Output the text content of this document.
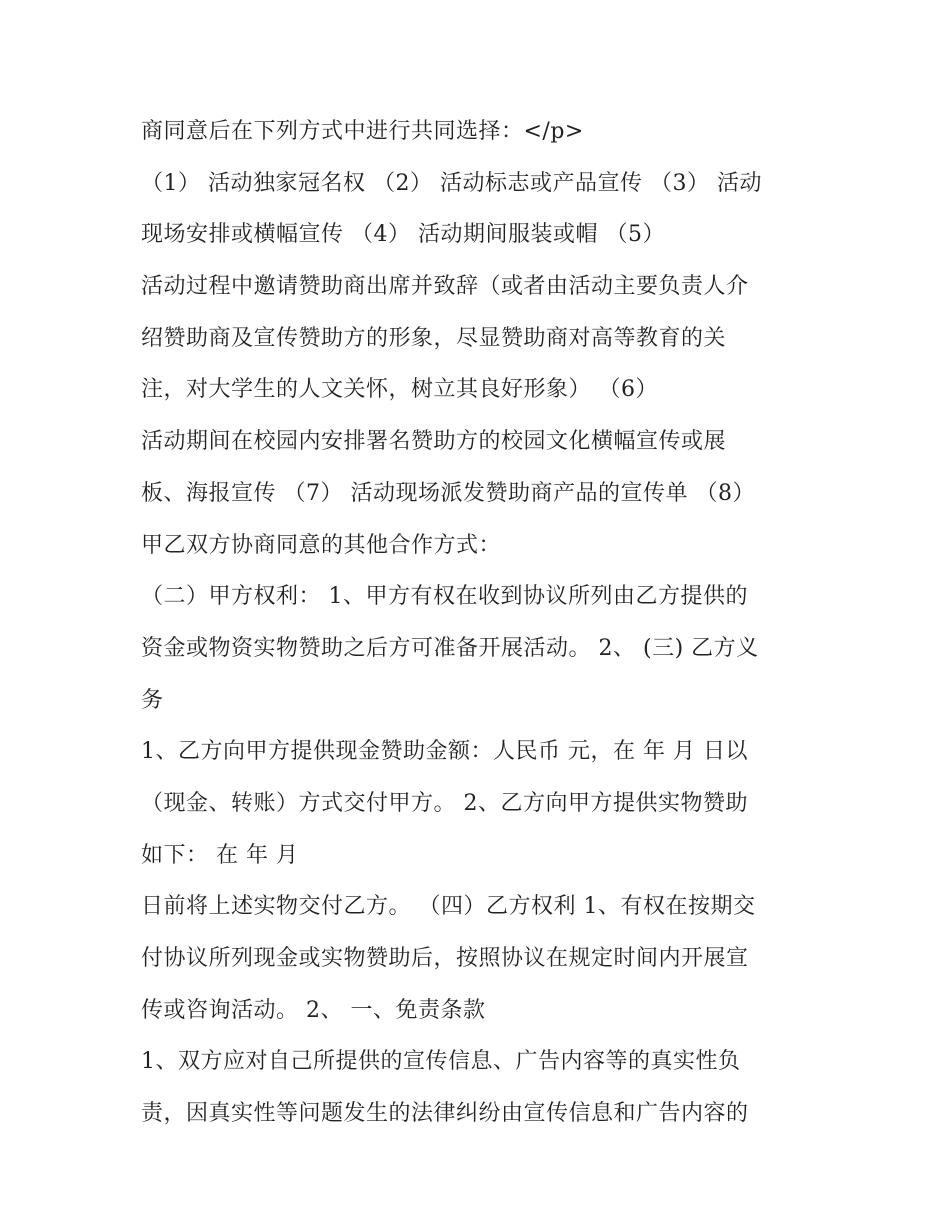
商同意后在下列方式中进行共同选择：</p>

（1） 活动独家冠名权 （2） 活动标志或产品宣传 （3） 活动

现场安排或横幅宣传 （4） 活动期间服装或帽 （5）

活动过程中邀请赞助商出席并致辞（或者由活动主要负责人介

绍赞助商及宣传赞助方的形象，尽显赞助商对高等教育的关

注，对大学生的人文关怀，树立其良好形象） （6）

活动期间在校园内安排署名赞助方的校园文化横幅宣传或展

板、海报宣传 （7） 活动现场派发赞助商产品的宣传单 （8）

甲乙双方协商同意的其他合作方式：

（二）甲方权利： 1、甲方有权在收到协议所列由乙方提供的

资金或物资实物赞助之后方可准备开展活动。 2、 (三) 乙方义

务

1、乙方向甲方提供现金赞助金额：人民币 元，在 年 月 日以

（现金、转账）方式交付甲方。 2、乙方向甲方提供实物赞助

如下： 在 年 月

日前将上述实物交付乙方。 （四）乙方权利 1、有权在按期交

付协议所列现金或实物赞助后，按照协议在规定时间内开展宣

传或咨询活动。 2、 一、免责条款

1、双方应对自己所提供的宣传信息、广告内容等的真实性负

责，因真实性等问题发生的法律纠纷由宣传信息和广告内容的
